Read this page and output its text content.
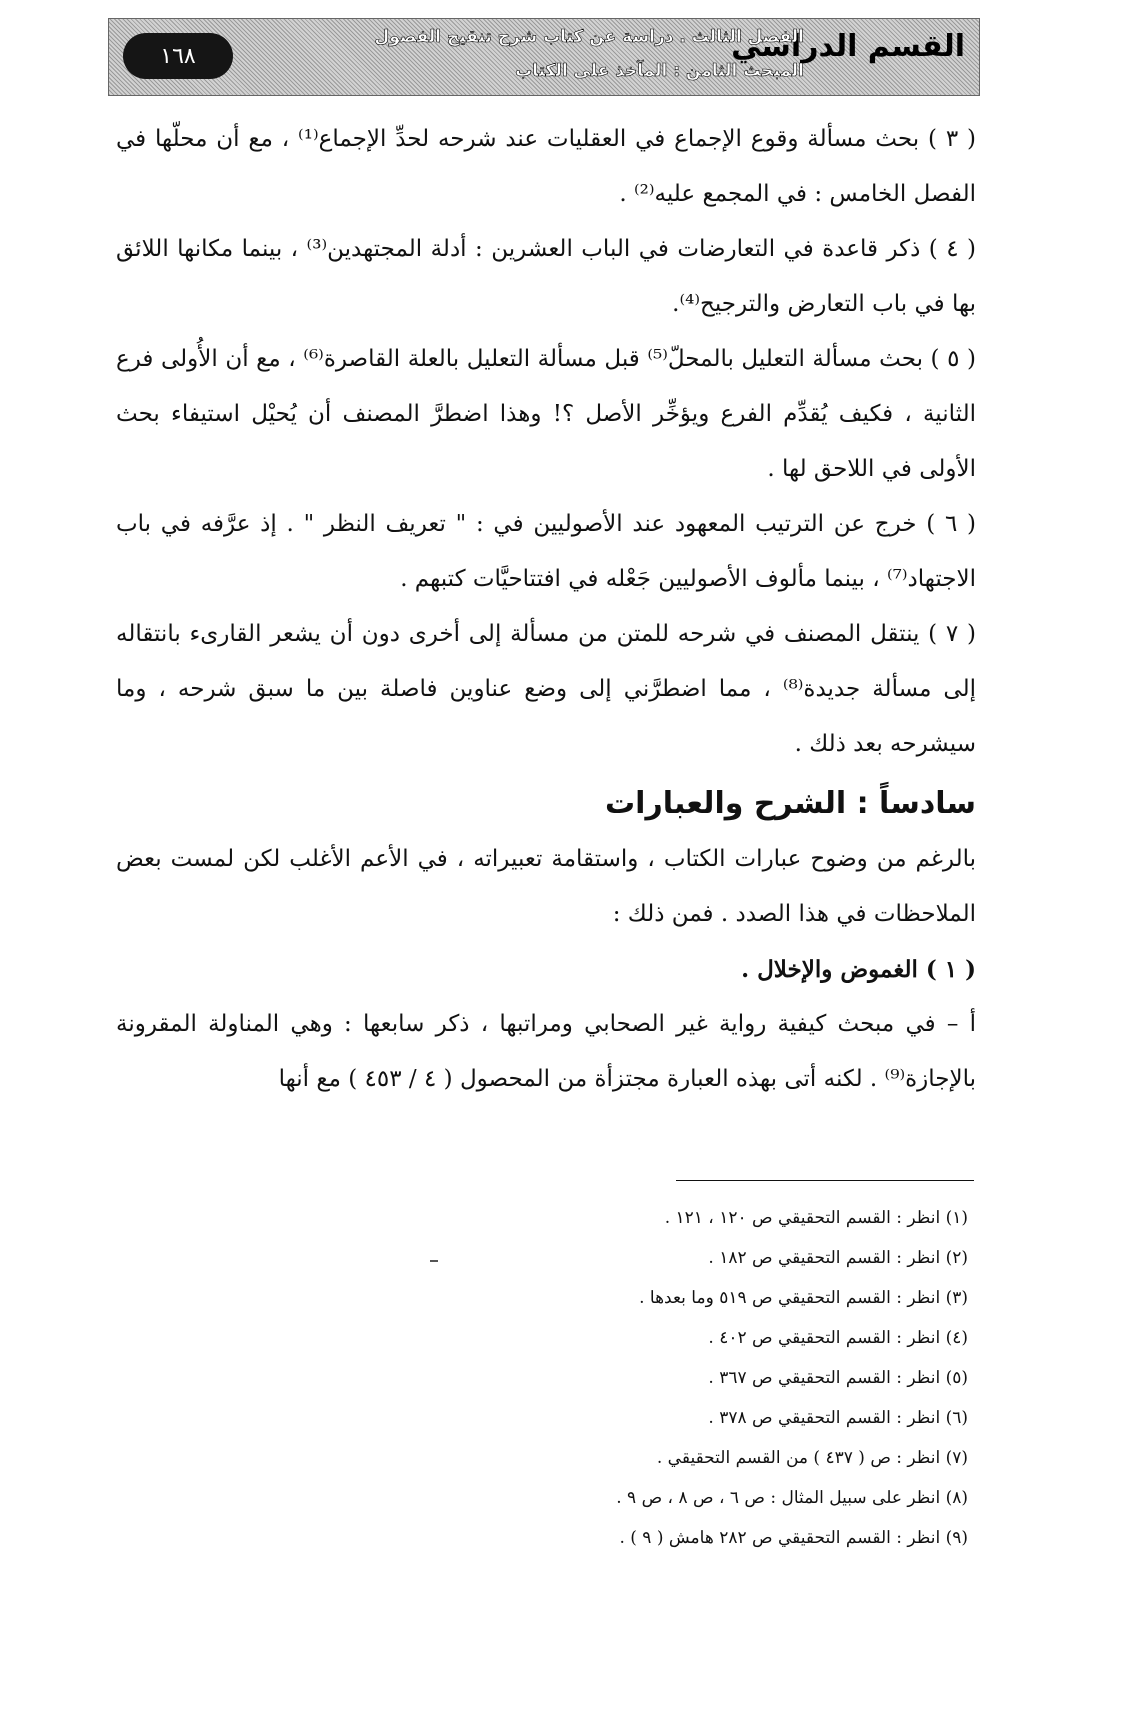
القسم الدراسي
الفصل الثالث . دراسة عن كتاب شرح تنقيح الفصول
المبحث الثامن : المآخذ على الكتاب
١٦٨

( ٣ ) بحث مسألة وقوع الإجماع في العقليات عند شرحه لحدِّ الإجماع⁽¹⁾ ، مع أن محلّها في الفصل الخامس : في المجمع عليه⁽²⁾ .

( ٤ ) ذكر قاعدة في التعارضات في الباب العشرين : أدلة المجتهدين⁽³⁾ ، بينما مكانها اللائق بها في باب التعارض والترجيح⁽⁴⁾.

( ٥ ) بحث مسألة التعليل بالمحلّ⁽⁵⁾ قبل مسألة التعليل بالعلة القاصرة⁽⁶⁾ ، مع أن الأُولى فرع الثانية ، فكيف يُقدِّم الفرع ويؤخِّر الأصل ؟! وهذا اضطرَّ المصنف أن يُحيْل استيفاء بحث الأولى في اللاحق لها .

( ٦ ) خرج عن الترتيب المعهود عند الأصوليين في : " تعريف النظر " . إذ عرَّفه في باب الاجتهاد⁽⁷⁾ ، بينما مألوف الأصوليين جَعْله في افتتاحيَّات كتبهم .

( ٧ ) ينتقل المصنف في شرحه للمتن من مسألة إلى أخرى دون أن يشعر القارىء بانتقاله إلى مسألة جديدة⁽⁸⁾ ، مما اضطرَّني إلى وضع عناوين فاصلة بين ما سبق شرحه ، وما سيشرحه بعد ذلك .

سادساً : الشرح والعبارات

بالرغم من وضوح عبارات الكتاب ، واستقامة تعبيراته ، في الأعم الأغلب لكن لمست بعض الملاحظات في هذا الصدد . فمن ذلك :

( ١ ) الغموض والإخلال .

أ – في مبحث كيفية رواية غير الصحابي ومراتبها ، ذكر سابعها : وهي المناولة المقرونة بالإجازة⁽⁹⁾ . لكنه أتى بهذه العبارة مجتزأة من المحصول ( ٤ / ٤٥٣ ) مع أنها

(١) انظر : القسم التحقيقي ص ١٢٠ ، ١٢١ .
(٢) انظر : القسم التحقيقي ص ١٨٢ .
(٣) انظر : القسم التحقيقي ص ٥١٩ وما بعدها .
(٤) انظر : القسم التحقيقي ص ٤٠٢ .
(٥) انظر : القسم التحقيقي ص ٣٦٧ .
(٦) انظر : القسم التحقيقي ص ٣٧٨ .
(٧) انظر : ص ( ٤٣٧ ) من القسم التحقيقي .
(٨) انظر على سبيل المثال : ص ٦ ، ص ٨ ، ص ٩ .
(٩) انظر : القسم التحقيقي ص ٢٨٢ هامش ( ٩ ) .
